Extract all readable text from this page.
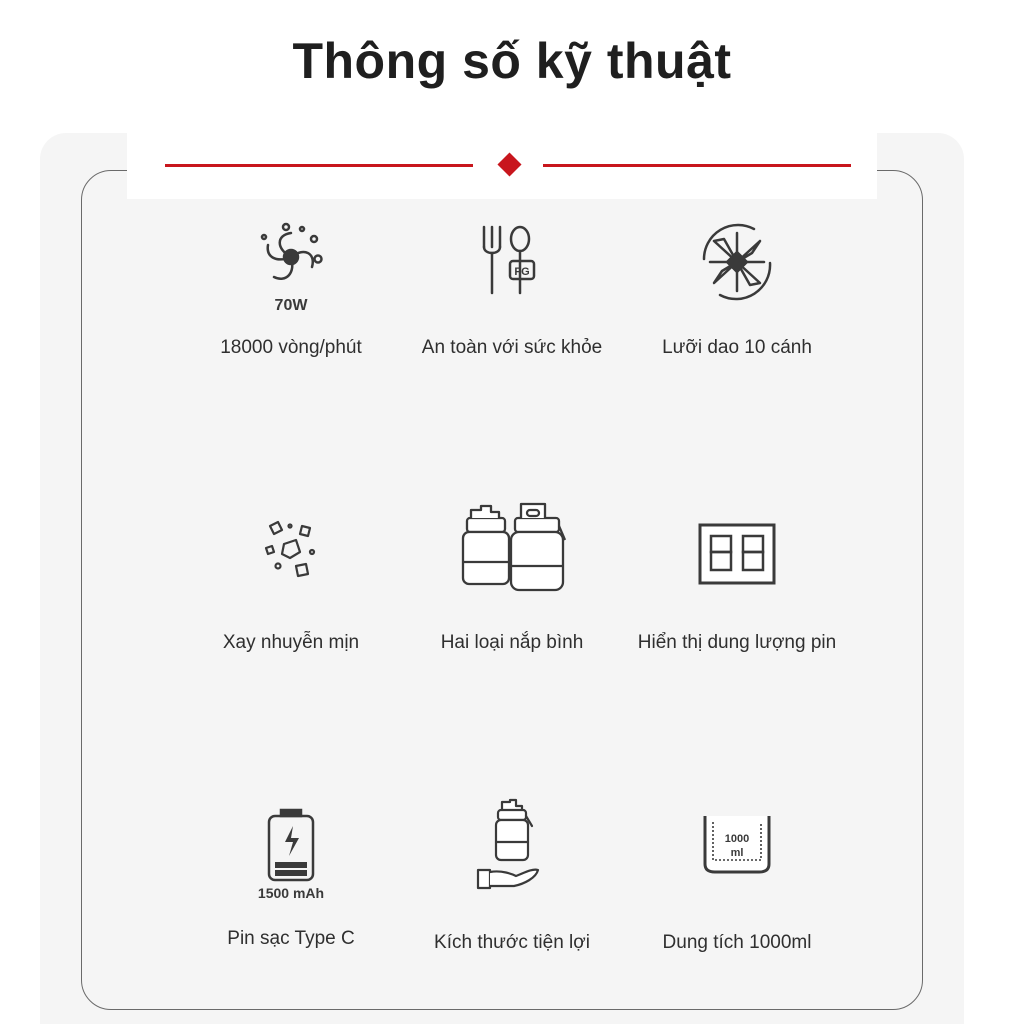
Thông số kỹ thuật
70W
18000 vòng/phút
FG
An toàn với sức khỏe	Lưỡi dao 10 cánh
Xay nhuyễn mịn	Hai loại nắp bình	Hiển thị dung lượng pin
1500 mAh
Pin sạc Type C	Kích thước tiện lợi
1000
ml
Dung tích 1000ml
